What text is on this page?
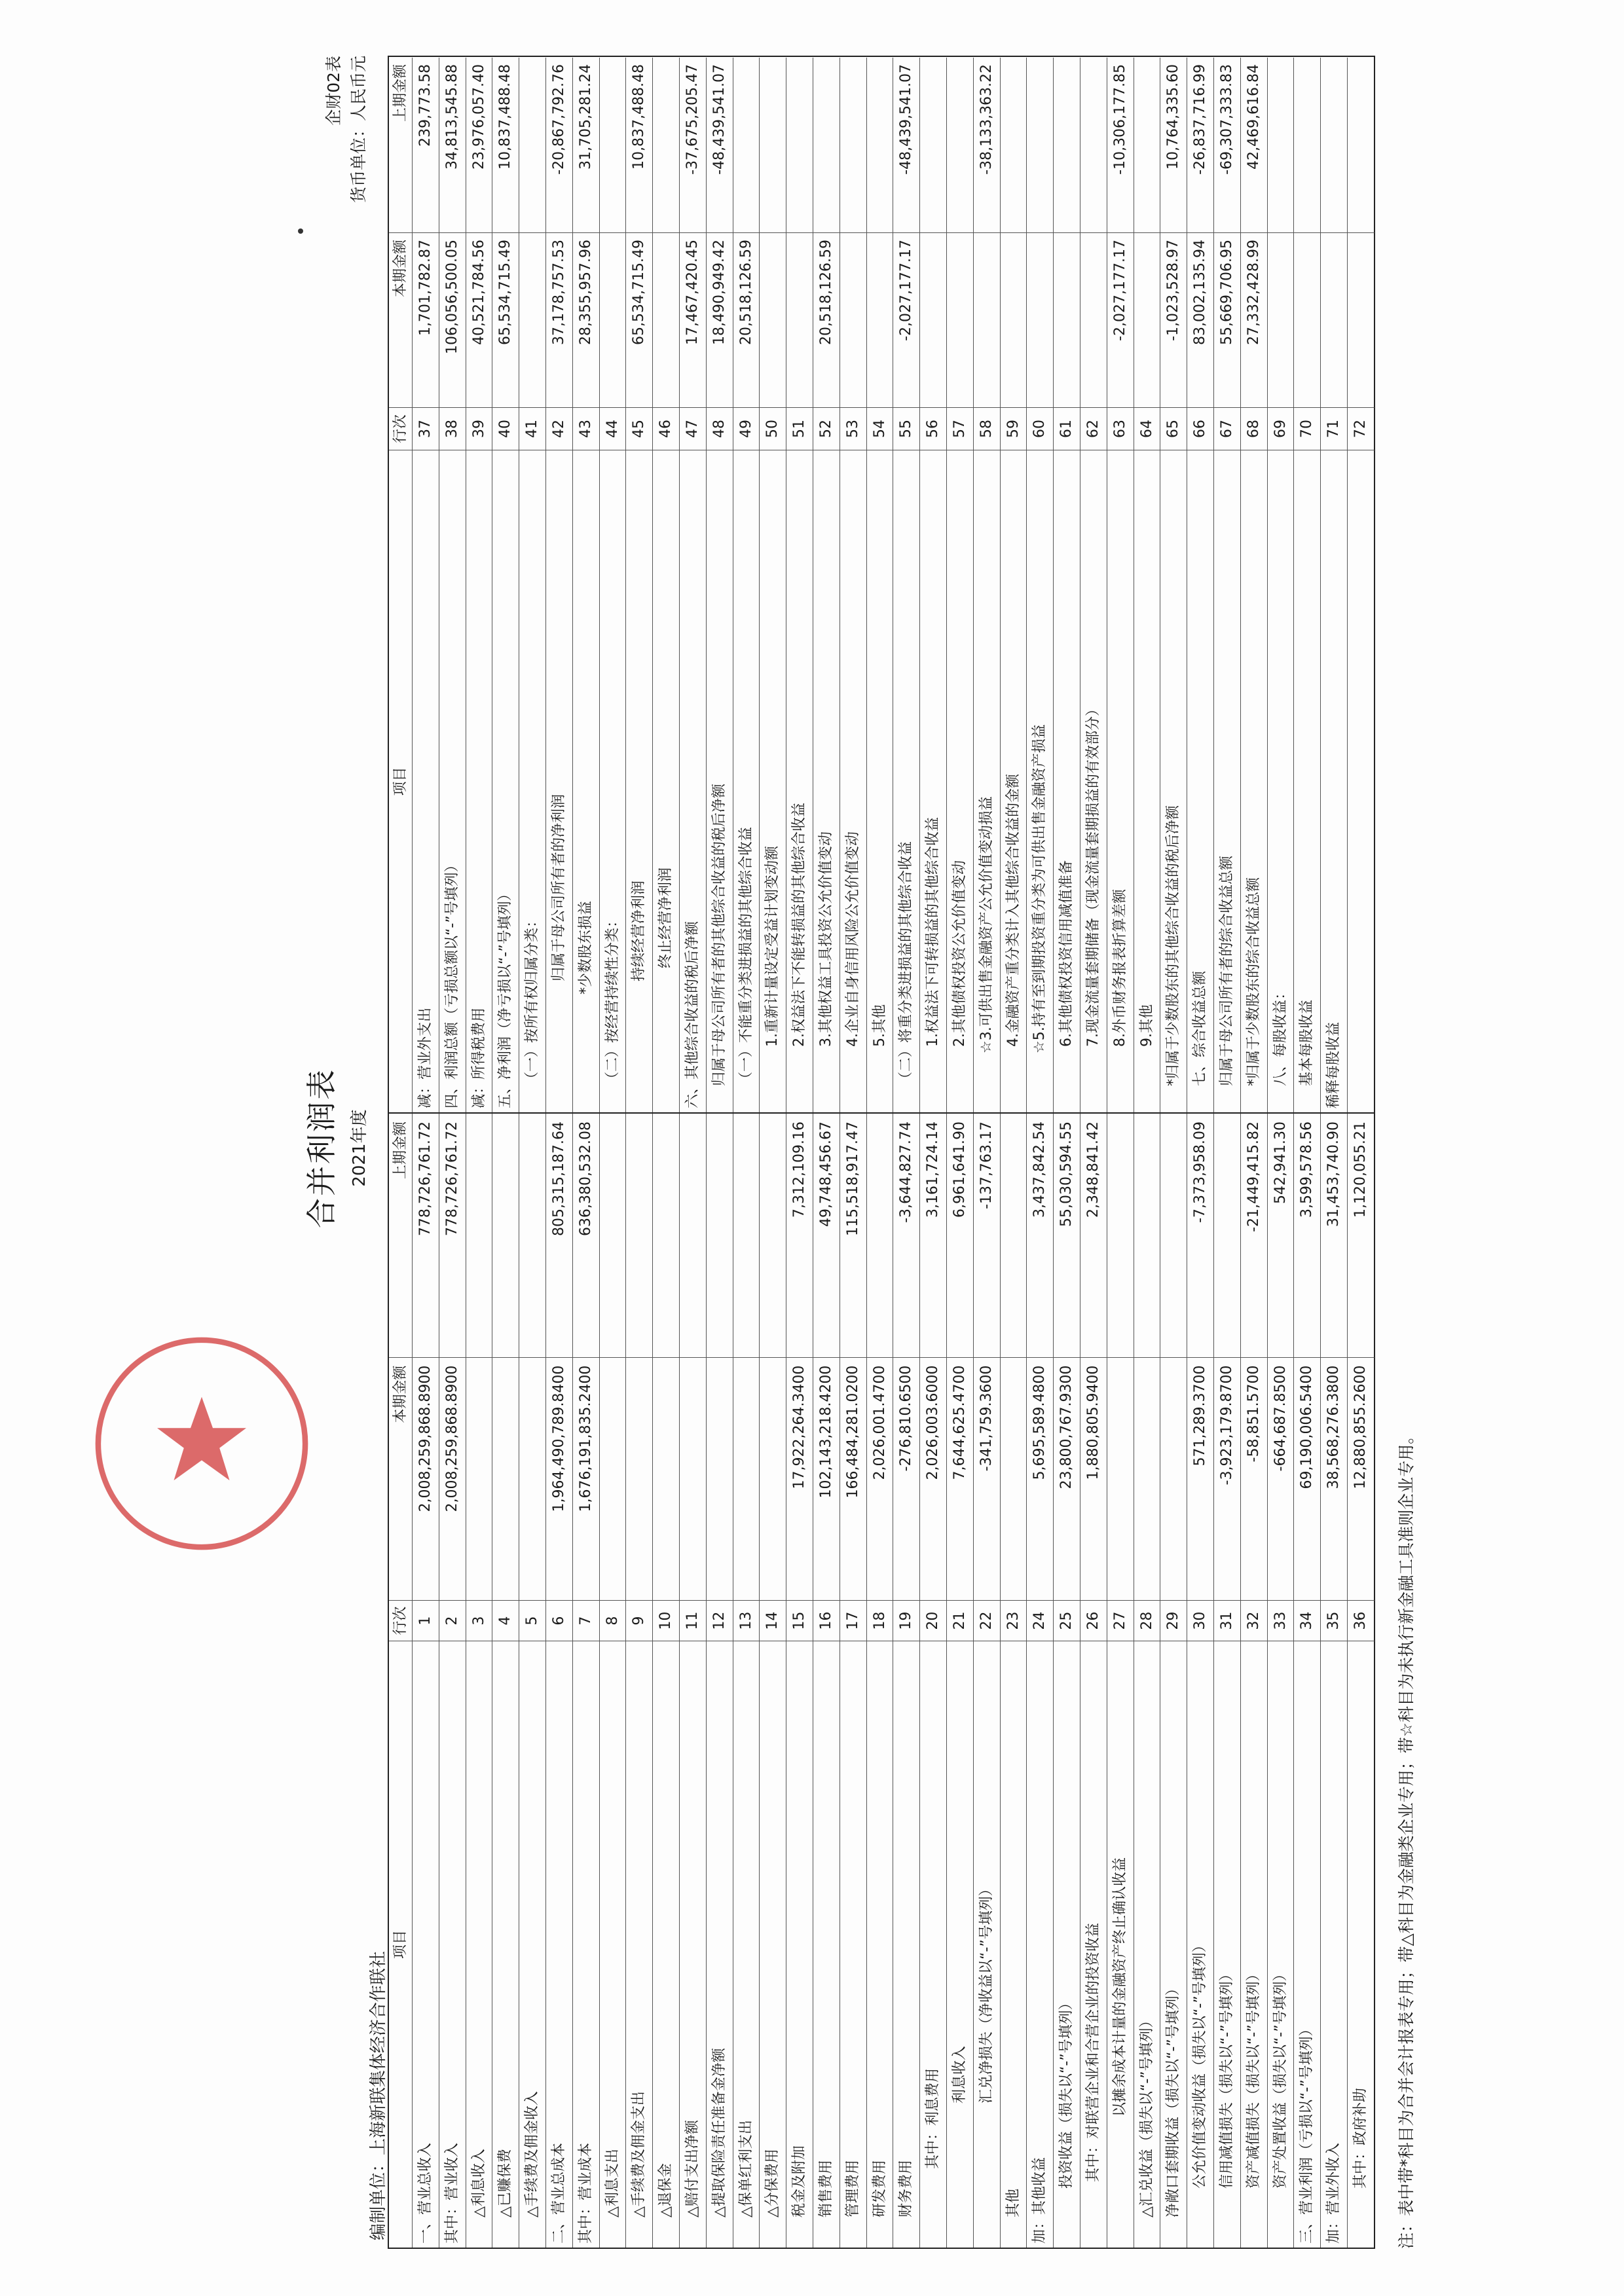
合并利润表 2021年度
企财02表 货币单位：人民币元
编制单位：上海新联集体经济合作联社
项目
行次
本期金额
上期金额
一、营业总收入
1
2,008,259,868.8900
778,726,761.72
其中：营业收入
2
2,008,259,868.8900
778,726,761.72
△利息收入
3
△已赚保费
4
△手续费及佣金收入
5
二、营业总成本
6
1,964,490,789.8400
805,315,187.64
其中：营业成本
7
1,676,191,835.2400
636,380,532.08
△利息支出
8
△手续费及佣金支出
9
△退保金
10
△赔付支出净额
11
△提取保险责任准备金净额
12
△保单红利支出
13
△分保费用
14
税金及附加
15
17,922,264.3400
7,312,109.16
销售费用
16
102,143,218.4200
49,748,456.67
管理费用
17
166,484,281.0200
115,518,917.47
研发费用
18
2,026,001.4700
财务费用
19
-276,810.6500
-3,644,827.74
其中：利息费用
20
2,026,003.6000
3,161,724.14
利息收入
21
7,644,625.4700
6,961,641.90
汇兑净损失（净收益以“-”号填列）
22
-341,759.3600
-137,763.17
其他
23
加：其他收益
24
5,695,589.4800
3,437,842.54
投资收益（损失以“-”号填列）
25
23,800,767.9300
55,030,594.55
其中：对联营企业和合营企业的投资收益
26
1,880,805.9400
2,348,841.42
以摊余成本计量的金融资产终止确认收益
27
△汇兑收益（损失以“-”号填列）
28
净敞口套期收益（损失以“-”号填列）
29
公允价值变动收益（损失以“-”号填列）
30
571,289.3700
-7,373,958.09
信用减值损失（损失以“-”号填列）
31
-3,923,179.8700
资产减值损失（损失以“-”号填列）
32
-58,851.5700
-21,449,415.82
资产处置收益（损失以“-”号填列）
33
-664,687.8500
542,941.30
三、营业利润（亏损以“-”号填列）
34
69,190,006.5400
3,599,578.56
加：营业外收入
35
38,568,276.3800
31,453,740.90
其中：政府补助
36
12,880,855.2600
1,120,055.21
项目
行次
本期金额
上期金额
减：营业外支出
37
1,701,782.87
239,773.58
四、利润总额（亏损总额以“-”号填列）
38
106,056,500.05
34,813,545.88
减：所得税费用
39
40,521,784.56
23,976,057.40
五、净利润（净亏损以“-”号填列）
40
65,534,715.49
10,837,488.48
（一）按所有权归属分类：
41
归属于母公司所有者的净利润
42
37,178,757.53
-20,867,792.76
*少数股东损益
43
28,355,957.96
31,705,281.24
（二）按经营持续性分类：
44
持续经营净利润
45
65,534,715.49
10,837,488.48
终止经营净利润
46
六、其他综合收益的税后净额
47
17,467,420.45
-37,675,205.47
归属于母公司所有者的其他综合收益的税后净额
48
18,490,949.42
-48,439,541.07
（一）不能重分类进损益的其他综合收益
49
20,518,126.59
1.重新计量设定受益计划变动额
50
2.权益法下不能转损益的其他综合收益
51
3.其他权益工具投资公允价值变动
52
20,518,126.59
4.企业自身信用风险公允价值变动
53
5.其他
54
（二）将重分类进损益的其他综合收益
55
-2,027,177.17
-48,439,541.07
1.权益法下可转损益的其他综合收益
56
2.其他债权投资公允价值变动
57
☆3.可供出售金融资产公允价值变动损益
58
-38,133,363.22
4.金融资产重分类计入其他综合收益的金额
59
☆5.持有至到期投资重分类为可供出售金融资产损益
60
6.其他债权投资信用减值准备
61
7.现金流量套期储备（现金流量套期损益的有效部分）
62
8.外币财务报表折算差额
63
-2,027,177.17
-10,306,177.85
9.其他
64
*归属于少数股东的其他综合收益的税后净额
65
-1,023,528.97
10,764,335.60
七、综合收益总额
66
83,002,135.94
-26,837,716.99
归属于母公司所有者的综合收益总额
67
55,669,706.95
-69,307,333.83
*归属于少数股东的综合收益总额
68
27,332,428.99
42,469,616.84
八、每股收益：
69
基本每股收益
70
稀释每股收益
71 72
注：表中带*科目为合并会计报表专用；带△科目为金融类企业专用；带☆科目为未执行新金融工具准则企业专用。
